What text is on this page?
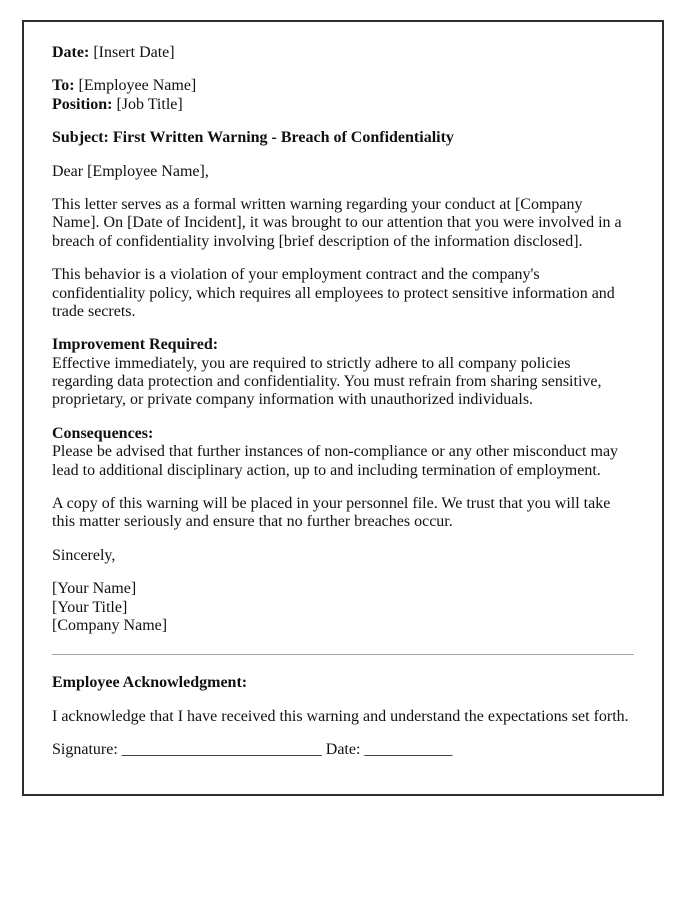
Date: [Insert Date]

To: [Employee Name]
Position: [Job Title]

Subject: First Written Warning - Breach of Confidentiality

Dear [Employee Name],

This letter serves as a formal written warning regarding your conduct at [Company Name]. On [Date of Incident], it was brought to our attention that you were involved in a breach of confidentiality involving [brief description of the information disclosed].

This behavior is a violation of your employment contract and the company's confidentiality policy, which requires all employees to protect sensitive information and trade secrets.

Improvement Required:
Effective immediately, you are required to strictly adhere to all company policies regarding data protection and confidentiality. You must refrain from sharing sensitive, proprietary, or private company information with unauthorized individuals.

Consequences:
Please be advised that further instances of non-compliance or any other misconduct may lead to additional disciplinary action, up to and including termination of employment.

A copy of this warning will be placed in your personnel file. We trust that you will take this matter seriously and ensure that no further breaches occur.

Sincerely,

[Your Name]
[Your Title]
[Company Name]

Employee Acknowledgment:

I acknowledge that I have received this warning and understand the expectations set forth.

Signature: _________________________ Date: ___________
